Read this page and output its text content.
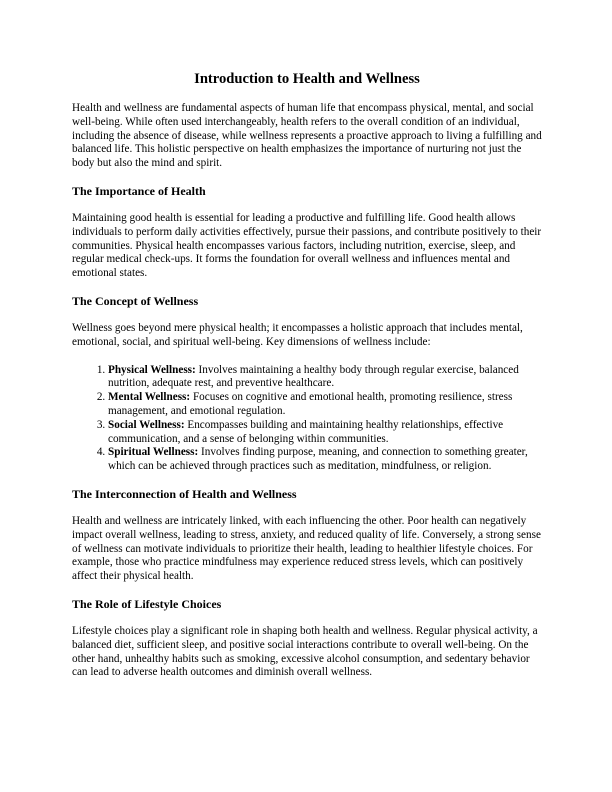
Introduction to Health and Wellness

Health and wellness are fundamental aspects of human life that encompass physical, mental, and social well-being. While often used interchangeably, health refers to the overall condition of an individual, including the absence of disease, while wellness represents a proactive approach to living a fulfilling and balanced life. This holistic perspective on health emphasizes the importance of nurturing not just the body but also the mind and spirit.

The Importance of Health

Maintaining good health is essential for leading a productive and fulfilling life. Good health allows individuals to perform daily activities effectively, pursue their passions, and contribute positively to their communities. Physical health encompasses various factors, including nutrition, exercise, sleep, and regular medical check-ups. It forms the foundation for overall wellness and influences mental and emotional states.

The Concept of Wellness

Wellness goes beyond mere physical health; it encompasses a holistic approach that includes mental, emotional, social, and spiritual well-being. Key dimensions of wellness include:

1. Physical Wellness: Involves maintaining a healthy body through regular exercise, balanced nutrition, adequate rest, and preventive healthcare.
2. Mental Wellness: Focuses on cognitive and emotional health, promoting resilience, stress management, and emotional regulation.
3. Social Wellness: Encompasses building and maintaining healthy relationships, effective communication, and a sense of belonging within communities.
4. Spiritual Wellness: Involves finding purpose, meaning, and connection to something greater, which can be achieved through practices such as meditation, mindfulness, or religion.
The Interconnection of Health and Wellness

Health and wellness are intricately linked, with each influencing the other. Poor health can negatively impact overall wellness, leading to stress, anxiety, and reduced quality of life. Conversely, a strong sense of wellness can motivate individuals to prioritize their health, leading to healthier lifestyle choices. For example, those who practice mindfulness may experience reduced stress levels, which can positively affect their physical health.

The Role of Lifestyle Choices

Lifestyle choices play a significant role in shaping both health and wellness. Regular physical activity, a balanced diet, sufficient sleep, and positive social interactions contribute to overall well-being. On the other hand, unhealthy habits such as smoking, excessive alcohol consumption, and sedentary behavior can lead to adverse health outcomes and diminish overall wellness.
